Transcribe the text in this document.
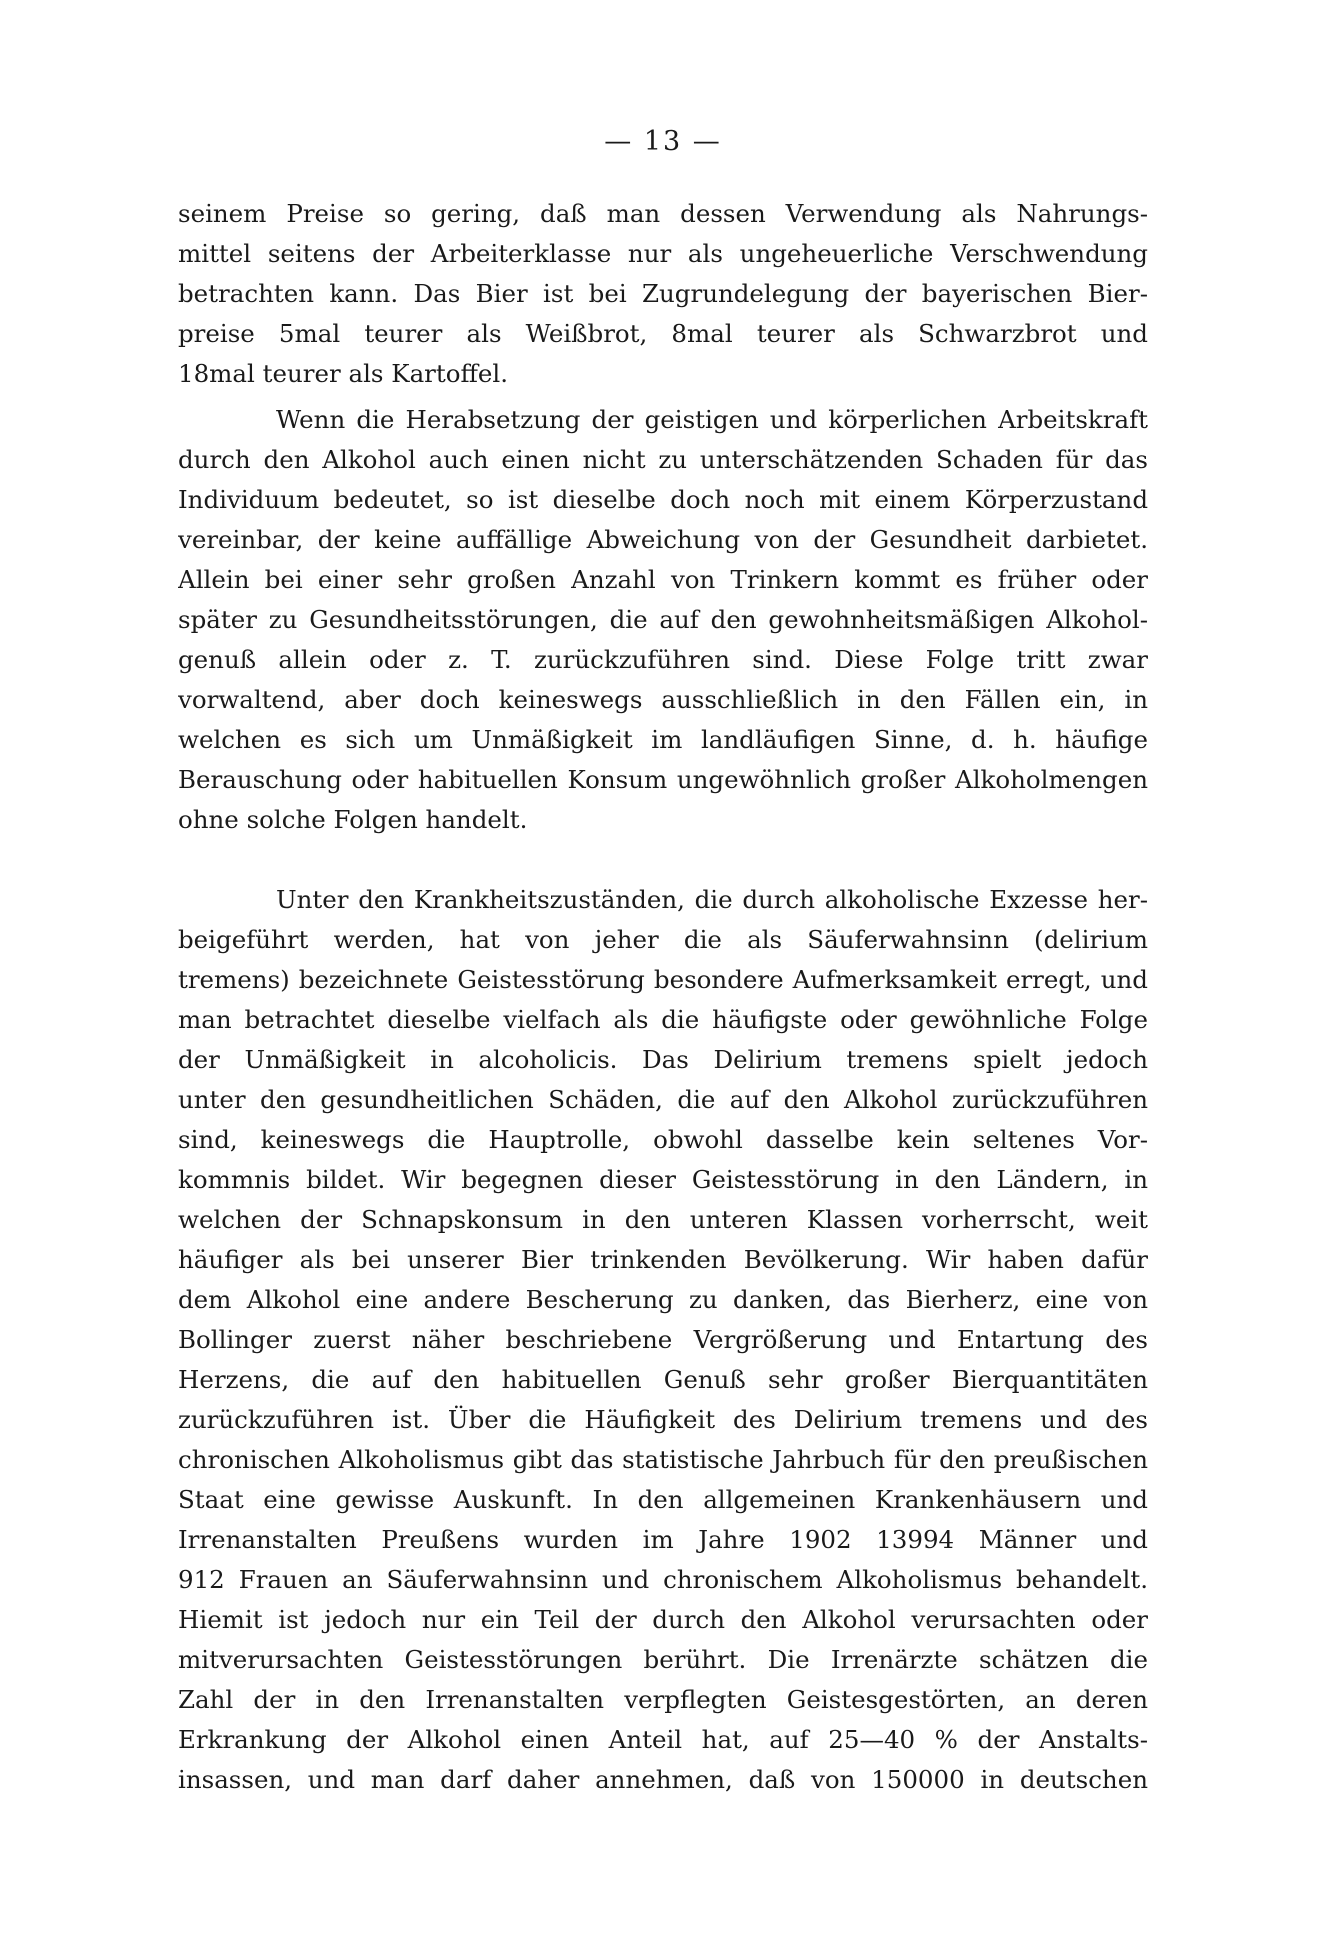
— 13 —
seinem Preise so gering, daß man dessen Verwendung als Nahrungs-
mittel seitens der Arbeiterklasse nur als ungeheuerliche Verschwendung
betrachten kann. Das Bier ist bei Zugrundelegung der bayerischen Bier-
preise 5mal teurer als Weißbrot, 8mal teurer als Schwarzbrot und
18mal teurer als Kartoffel.
Wenn die Herabsetzung der geistigen und körperlichen Arbeitskraft
durch den Alkohol auch einen nicht zu unterschätzenden Schaden für das
Individuum bedeutet, so ist dieselbe doch noch mit einem Körperzustand
vereinbar, der keine auffällige Abweichung von der Gesundheit darbietet.
Allein bei einer sehr großen Anzahl von Trinkern kommt es früher oder
später zu Gesundheitsstörungen, die auf den gewohnheitsmäßigen Alkohol-
genuß allein oder z. T. zurückzuführen sind. Diese Folge tritt zwar
vorwaltend, aber doch keineswegs ausschließlich in den Fällen ein, in
welchen es sich um Unmäßigkeit im landläufigen Sinne, d. h. häufige
Berauschung oder habituellen Konsum ungewöhnlich großer Alkoholmengen
ohne solche Folgen handelt.
Unter den Krankheitszuständen, die durch alkoholische Exzesse her-
beigeführt werden, hat von jeher die als Säuferwahnsinn (delirium
tremens) bezeichnete Geistesstörung besondere Aufmerksamkeit erregt, und
man betrachtet dieselbe vielfach als die häufigste oder gewöhnliche Folge
der Unmäßigkeit in alcoholicis. Das Delirium tremens spielt jedoch
unter den gesundheitlichen Schäden, die auf den Alkohol zurückzuführen
sind, keineswegs die Hauptrolle, obwohl dasselbe kein seltenes Vor-
kommnis bildet. Wir begegnen dieser Geistesstörung in den Ländern, in
welchen der Schnapskonsum in den unteren Klassen vorherrscht, weit
häufiger als bei unserer Bier trinkenden Bevölkerung. Wir haben dafür
dem Alkohol eine andere Bescherung zu danken, das Bierherz, eine von
Bollinger zuerst näher beschriebene Vergrößerung und Entartung des
Herzens, die auf den habituellen Genuß sehr großer Bierquantitäten
zurückzuführen ist. Über die Häufigkeit des Delirium tremens und des
chronischen Alkoholismus gibt das statistische Jahrbuch für den preußischen
Staat eine gewisse Auskunft. In den allgemeinen Krankenhäusern und
Irrenanstalten Preußens wurden im Jahre 1902 13994 Männer und
912 Frauen an Säuferwahnsinn und chronischem Alkoholismus behandelt.
Hiemit ist jedoch nur ein Teil der durch den Alkohol verursachten oder
mitverursachten Geistesstörungen berührt. Die Irrenärzte schätzen die
Zahl der in den Irrenanstalten verpflegten Geistesgestörten, an deren
Erkrankung der Alkohol einen Anteil hat, auf 25—40 % der Anstalts-
insassen, und man darf daher annehmen, daß von 150000 in deutschen
